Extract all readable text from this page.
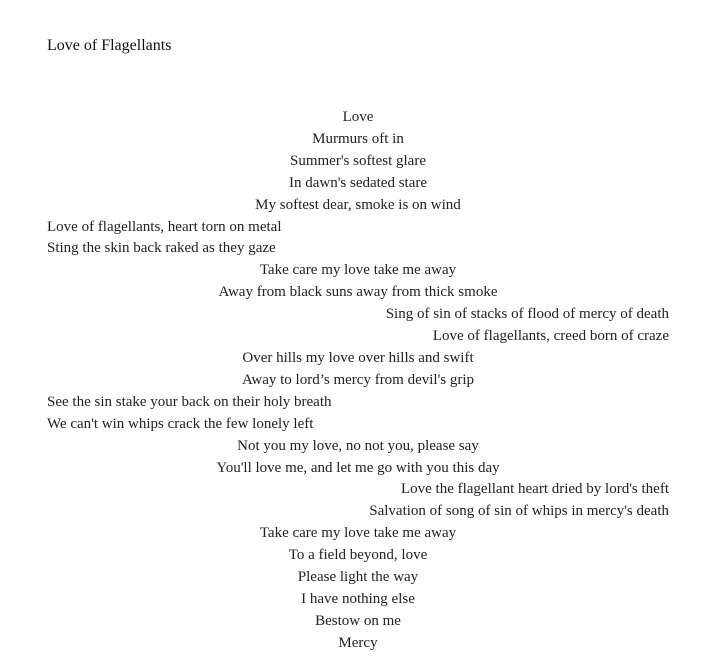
Love of Flagellants
Love
Murmurs oft in
Summer's softest glare
In dawn's sedated stare
My softest dear, smoke is on wind
Love of flagellants, heart torn on metal
Sting the skin back raked as they gaze
Take care my love take me away
Away from black suns away from thick smoke
Sing of sin of stacks of flood of mercy of death
Love of flagellants, creed born of craze
Over hills my love over hills and swift
Away to lord’s mercy from devil's grip
See the sin stake your back on their holy breath
We can't win whips crack the few lonely left
Not you my love, no not you, please say
You'll love me, and let me go with you this day
Love the flagellant heart dried by lord's theft
Salvation of song of sin of whips in mercy's death
Take care my love take me away
To a field beyond, love
Please light the way
I have nothing else
Bestow on me
Mercy
